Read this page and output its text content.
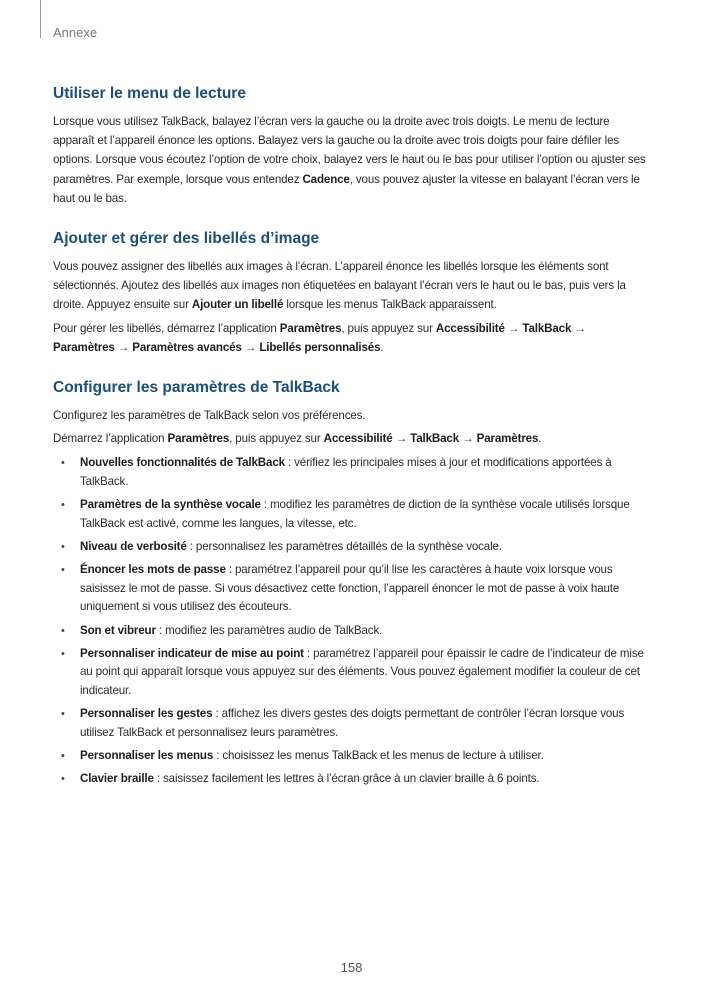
Annexe
Utiliser le menu de lecture

Lorsque vous utilisez TalkBack, balayez l’écran vers la gauche ou la droite avec trois doigts. Le menu de lecture apparaît et l’appareil énonce les options. Balayez vers la gauche ou la droite avec trois doigts pour faire défiler les options. Lorsque vous écoutez l’option de votre choix, balayez vers le haut ou le bas pour utiliser l’option ou ajuster ses paramètres. Par exemple, lorsque vous entendez Cadence, vous pouvez ajuster la vitesse en balayant l’écran vers le haut ou le bas.

Ajouter et gérer des libellés d’image

Vous pouvez assigner des libellés aux images à l’écran. L’appareil énonce les libellés lorsque les éléments sont sélectionnés. Ajoutez des libellés aux images non étiquetées en balayant l’écran vers le haut ou le bas, puis vers la droite. Appuyez ensuite sur Ajouter un libellé lorsque les menus TalkBack apparaissent.

Pour gérer les libellés, démarrez l’application Paramètres, puis appuyez sur Accessibilité → TalkBack → Paramètres → Paramètres avancés → Libellés personnalisés.

Configurer les paramètres de TalkBack

Configurez les paramètres de TalkBack selon vos préférences.

Démarrez l’application Paramètres, puis appuyez sur Accessibilité → TalkBack → Paramètres.

• Nouvelles fonctionnalités de TalkBack : vérifiez les principales mises à jour et modifications apportées à TalkBack.
• Paramètres de la synthèse vocale : modifiez les paramètres de diction de la synthèse vocale utilisés lorsque TalkBack est activé, comme les langues, la vitesse, etc.
• Niveau de verbosité : personnalisez les paramètres détaillés de la synthèse vocale.
• Énoncer les mots de passe : paramétrez l’appareil pour qu’il lise les caractères à haute voix lorsque vous saisissez le mot de passe. Si vous désactivez cette fonction, l’appareil énoncer le mot de passe à voix haute uniquement si vous utilisez des écouteurs.
• Son et vibreur : modifiez les paramètres audio de TalkBack.
• Personnaliser indicateur de mise au point : paramétrez l’appareil pour épaissir le cadre de l’indicateur de mise au point qui apparaît lorsque vous appuyez sur des éléments. Vous pouvez également modifier la couleur de cet indicateur.
• Personnaliser les gestes : affichez les divers gestes des doigts permettant de contrôler l’écran lorsque vous utilisez TalkBack et personnalisez leurs paramètres.
• Personnaliser les menus : choisissez les menus TalkBack et les menus de lecture à utiliser.
• Clavier braille : saisissez facilement les lettres à l’écran grâce à un clavier braille à 6 points.
158
